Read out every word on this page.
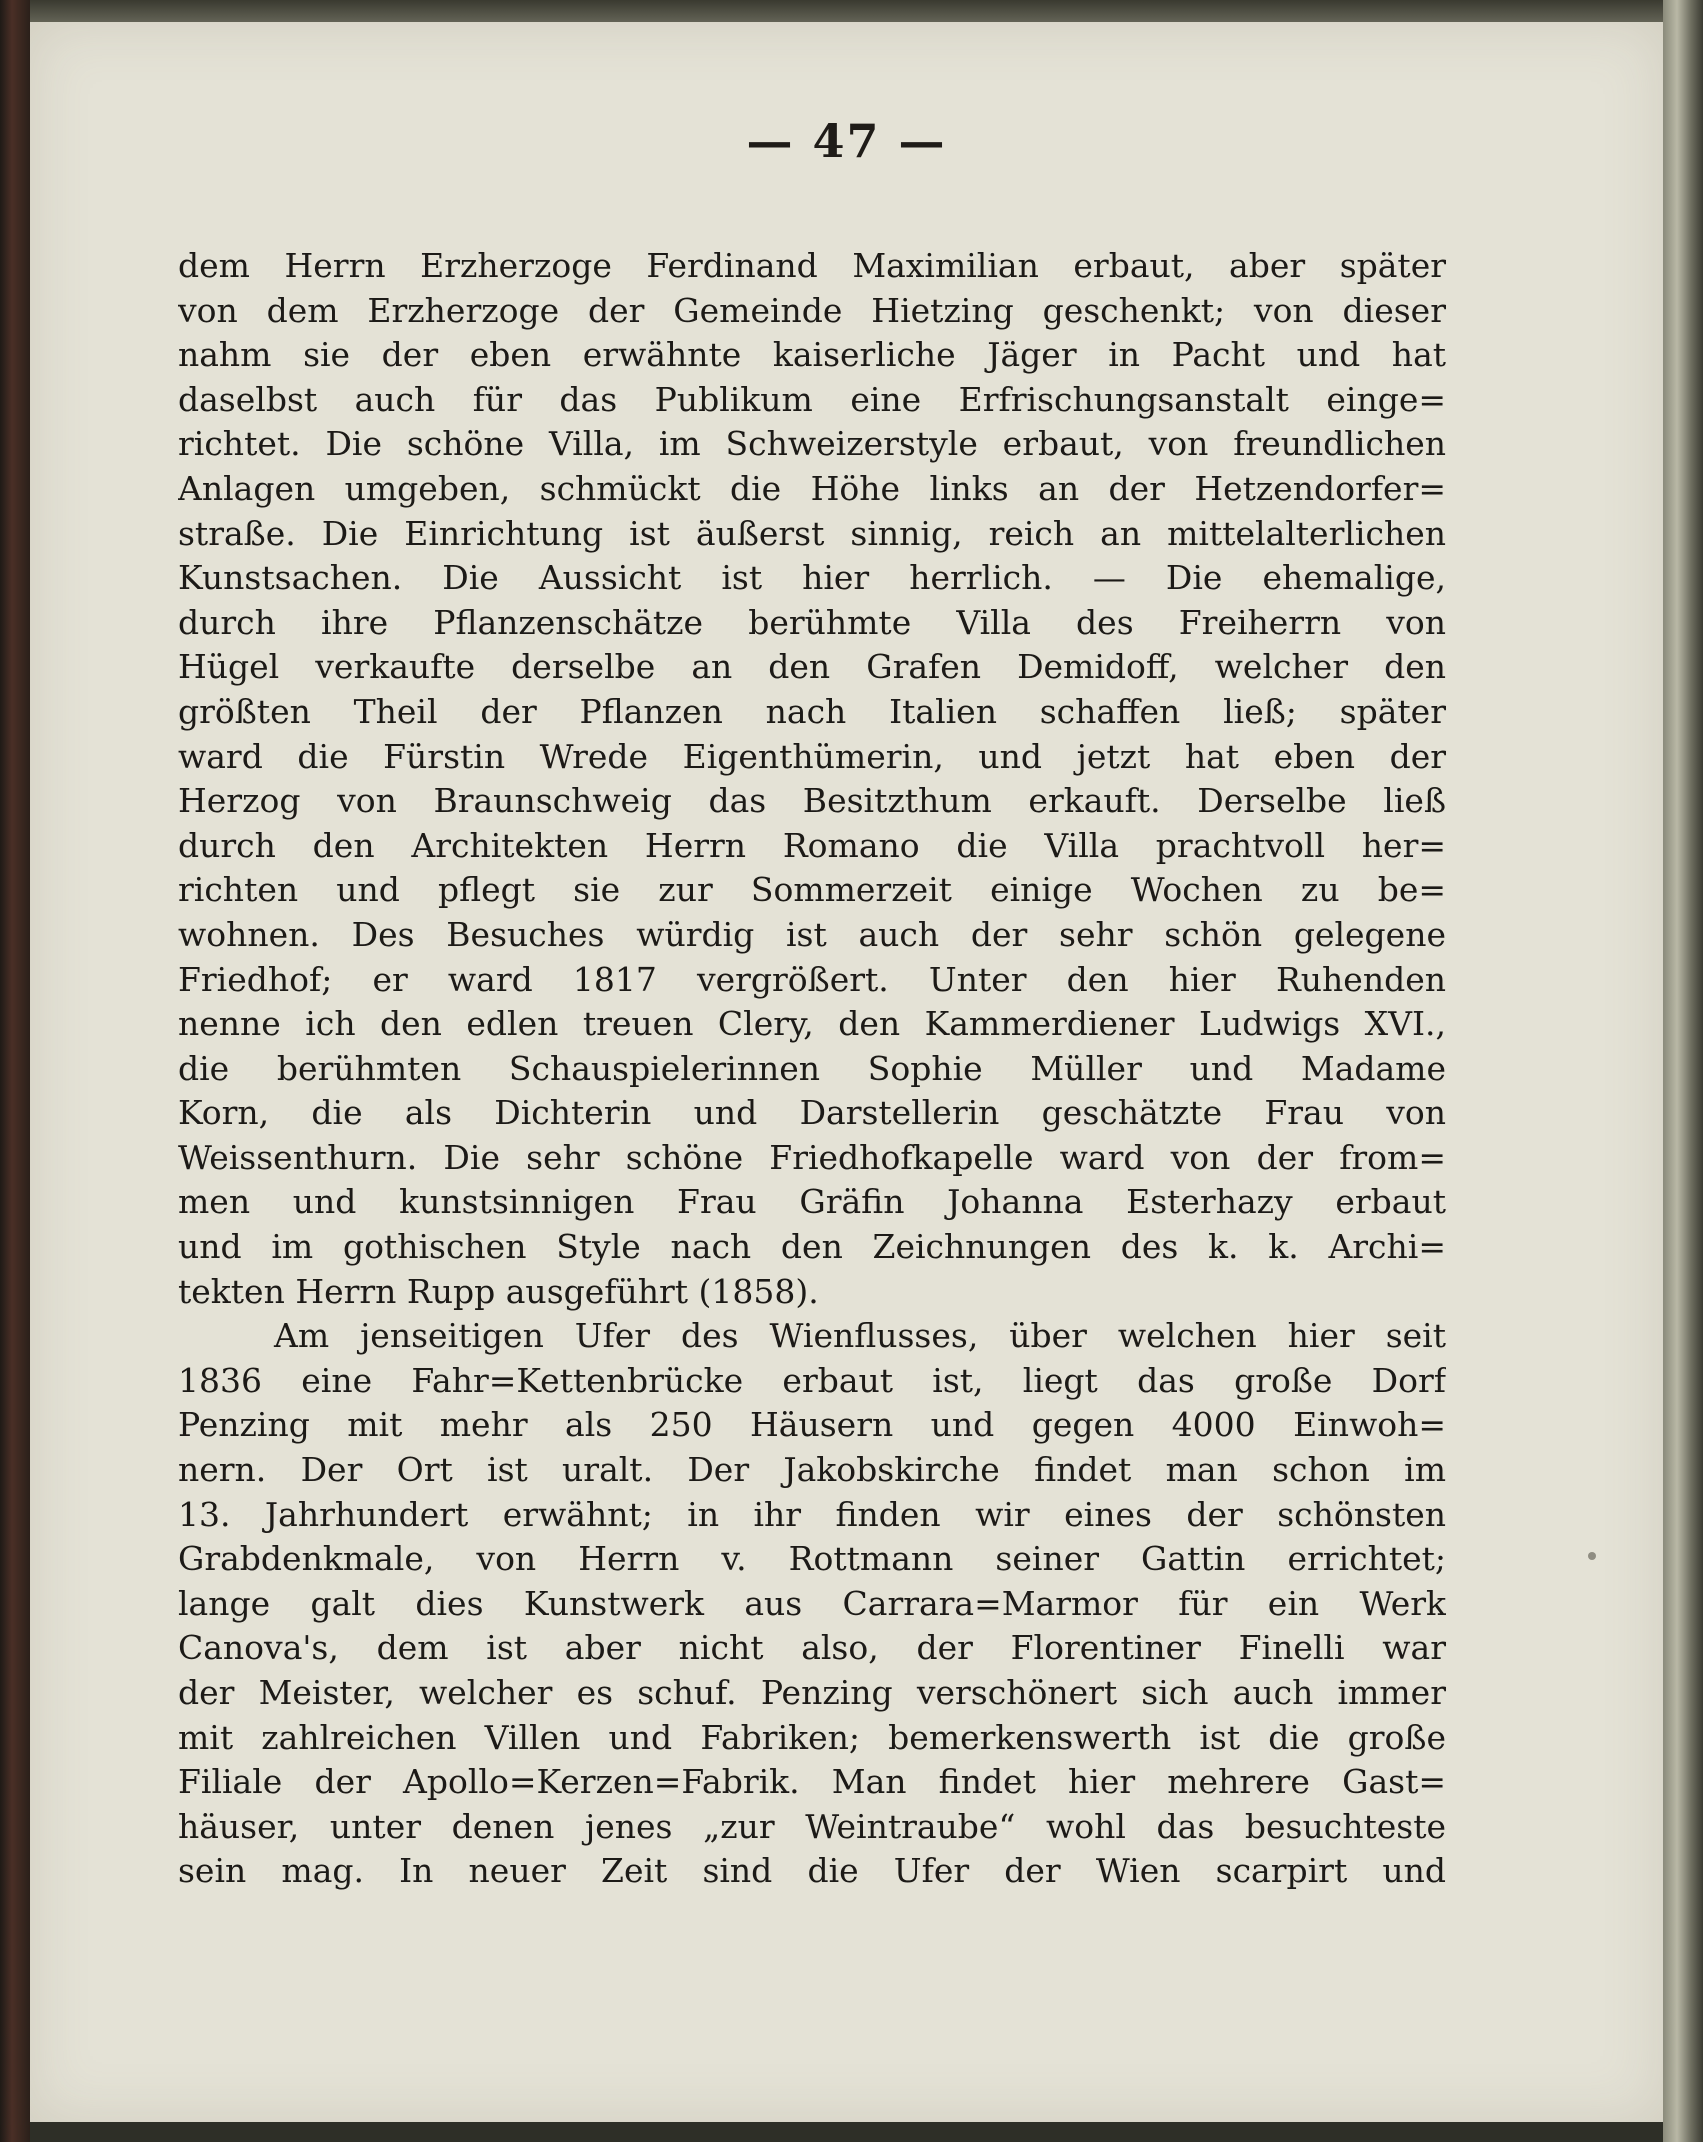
— 47 —
dem Herrn Erzherzoge Ferdinand Maximilian erbaut, aber später
von dem Erzherzoge der Gemeinde Hietzing geschenkt; von dieser
nahm sie der eben erwähnte kaiserliche Jäger in Pacht und hat
daselbst auch für das Publikum eine Erfrischungsanstalt einge=
richtet. Die schöne Villa, im Schweizerstyle erbaut, von freundlichen
Anlagen umgeben, schmückt die Höhe links an der Hetzendorfer=
straße. Die Einrichtung ist äußerst sinnig, reich an mittelalterlichen
Kunstsachen. Die Aussicht ist hier herrlich. — Die ehemalige,
durch ihre Pflanzenschätze berühmte Villa des Freiherrn von
Hügel verkaufte derselbe an den Grafen Demidoff, welcher den
größten Theil der Pflanzen nach Italien schaffen ließ; später
ward die Fürstin Wrede Eigenthümerin, und jetzt hat eben der
Herzog von Braunschweig das Besitzthum erkauft. Derselbe ließ
durch den Architekten Herrn Romano die Villa prachtvoll her=
richten und pflegt sie zur Sommerzeit einige Wochen zu be=
wohnen. Des Besuches würdig ist auch der sehr schön gelegene
Friedhof; er ward 1817 vergrößert. Unter den hier Ruhenden
nenne ich den edlen treuen Clery, den Kammerdiener Ludwigs XVI.,
die berühmten Schauspielerinnen Sophie Müller und Madame
Korn, die als Dichterin und Darstellerin geschätzte Frau von
Weissenthurn. Die sehr schöne Friedhofkapelle ward von der from=
men und kunstsinnigen Frau Gräfin Johanna Esterhazy erbaut
und im gothischen Style nach den Zeichnungen des k. k. Archi=
tekten Herrn Rupp ausgeführt (1858).
Am jenseitigen Ufer des Wienflusses, über welchen hier seit
1836 eine Fahr=Kettenbrücke erbaut ist, liegt das große Dorf
Penzing mit mehr als 250 Häusern und gegen 4000 Einwoh=
nern. Der Ort ist uralt. Der Jakobskirche findet man schon im
13. Jahrhundert erwähnt; in ihr finden wir eines der schönsten
Grabdenkmale, von Herrn v. Rottmann seiner Gattin errichtet;
lange galt dies Kunstwerk aus Carrara=Marmor für ein Werk
Canova's, dem ist aber nicht also, der Florentiner Finelli war
der Meister, welcher es schuf. Penzing verschönert sich auch immer
mit zahlreichen Villen und Fabriken; bemerkenswerth ist die große
Filiale der Apollo=Kerzen=Fabrik. Man findet hier mehrere Gast=
häuser, unter denen jenes „zur Weintraube“ wohl das besuchteste
sein mag. In neuer Zeit sind die Ufer der Wien scarpirt und
